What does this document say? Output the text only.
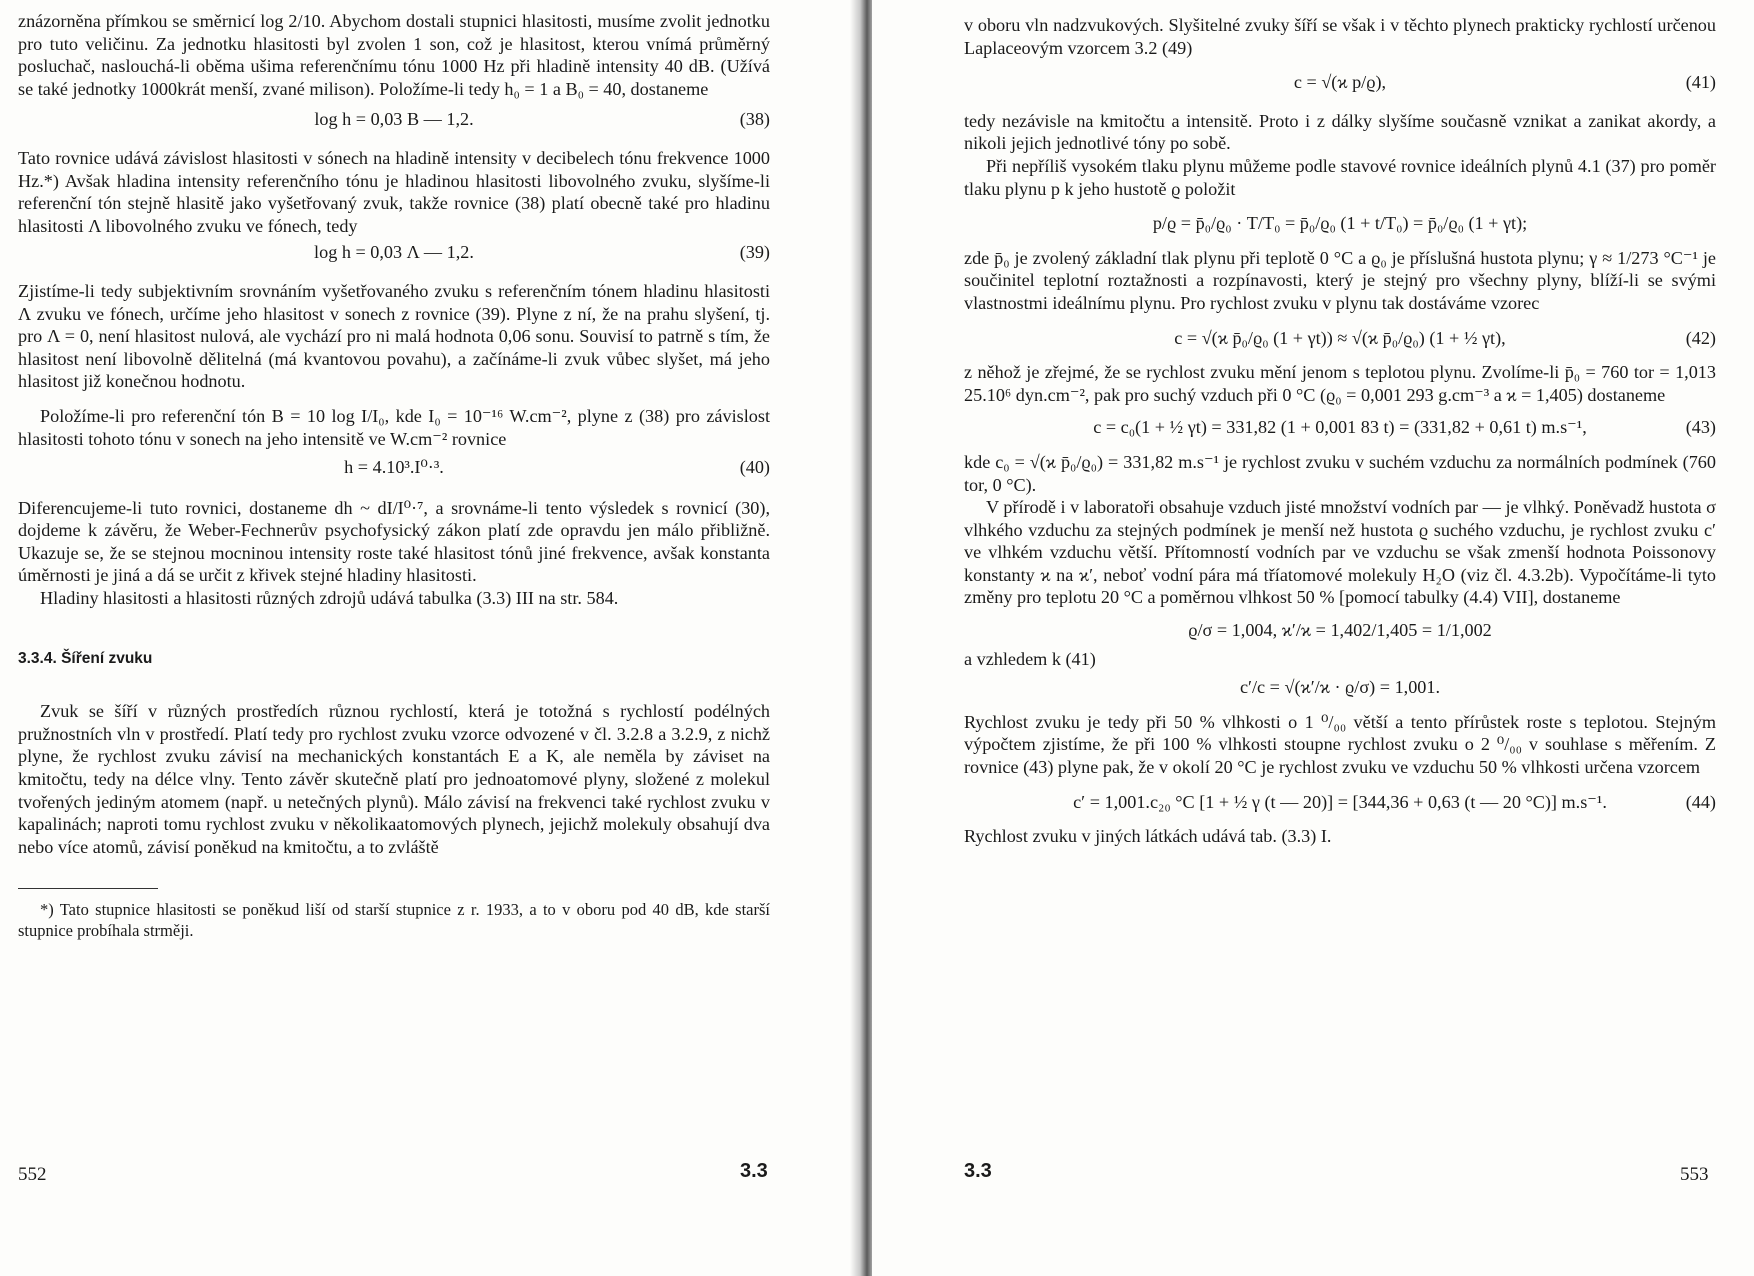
znázorněna přímkou se směrnicí log 2/10. Abychom dostali stupnici hlasitosti, musíme zvolit jednotku pro tuto veličinu. Za jednotku hlasitosti byl zvolen 1 son, což je hlasitost, kterou vnímá průměrný posluchač, naslouchá-li oběma ušima referenčnímu tónu 1000 Hz při hladině intensity 40 dB. (Užívá se také jednotky 1000krát menší, zvané milison). Položíme-li tedy h₀ = 1 a B₀ = 40, dostaneme

log h = 0,03 B — 1,2.	(38)

Tato rovnice udává závislost hlasitosti v sónech na hladině intensity v decibelech tónu frekvence 1000 Hz.*) Avšak hladina intensity referenčního tónu je hladinou hlasitosti libovolného zvuku, slyšíme-li referenční tón stejně hlasitě jako vyšetřovaný zvuk, takže rovnice (38) platí obecně také pro hladinu hlasitosti Λ libovolného zvuku ve fónech, tedy

log h = 0,03 Λ — 1,2.	(39)

Zjistíme-li tedy subjektivním srovnáním vyšetřovaného zvuku s referenčním tónem hladinu hlasitosti Λ zvuku ve fónech, určíme jeho hlasitost v sonech z rovnice (39). Plyne z ní, že na prahu slyšení, tj. pro Λ = 0, není hlasitost nulová, ale vychází pro ni malá hodnota 0,06 sonu. Souvisí to patrně s tím, že hlasitost není libovolně dělitelná (má kvantovou povahu), a začínáme-li zvuk vůbec slyšet, má jeho hlasitost již konečnou hodnotu.

Položíme-li pro referenční tón B = 10 log I/I₀, kde I₀ = 10⁻¹⁶ W.cm⁻², plyne z (38) pro závislost hlasitosti tohoto tónu v sonech na jeho intensitě ve W.cm⁻² rovnice

h = 4.10³.I⁰·³.	(40)

Diferencujeme-li tuto rovnici, dostaneme dh ~ dI/I⁰·⁷, a srovnáme-li tento výsledek s rovnicí (30), dojdeme k závěru, že Weber-Fechnerův psychofysický zákon platí zde opravdu jen málo přibližně. Ukazuje se, že se stejnou mocninou intensity roste také hlasitost tónů jiné frekvence, avšak konstanta úměrnosti je jiná a dá se určit z křivek stejné hladiny hlasitosti.

Hladiny hlasitosti a hlasitosti různých zdrojů udává tabulka (3.3) III na str. 584.

3.3.4. Šíření zvuku

Zvuk se šíří v různých prostředích různou rychlostí, která je totožná s rychlostí podélných pružnostních vln v prostředí. Platí tedy pro rychlost zvuku vzorce odvozené v čl. 3.2.8 a 3.2.9, z nichž plyne, že rychlost zvuku závisí na mechanických konstantách E a K, ale neměla by záviset na kmitočtu, tedy na délce vlny. Tento závěr skutečně platí pro jednoatomové plyny, složené z molekul tvořených jediným atomem (např. u netečných plynů). Málo závisí na frekvenci také rychlost zvuku v kapalinách; naproti tomu rychlost zvuku v několikaatomových plynech, jejichž molekuly obsahují dva nebo více atomů, závisí poněkud na kmitočtu, a to zvláště

*) Tato stupnice hlasitosti se poněkud liší od starší stupnice z r. 1933, a to v oboru pod 40 dB, kde starší stupnice probíhala strměji.

552	3.3

v oboru vln nadzvukových. Slyšitelné zvuky šíří se však i v těchto plynech prakticky rychlostí určenou Laplaceovým vzorcem 3.2 (49)

c = √(ϰ p/ϱ),	(41)

tedy nezávisle na kmitočtu a intensitě. Proto i z dálky slyšíme současně vznikat a zanikat akordy, a nikoli jejich jednotlivé tóny po sobě.

Při nepříliš vysokém tlaku plynu můžeme podle stavové rovnice ideálních plynů 4.1 (37) pro poměr tlaku plynu p k jeho hustotě ϱ položit

p/ϱ = p̄₀/ϱ₀ · T/T₀ = p̄₀/ϱ₀ (1 + t/T₀) = p̄₀/ϱ₀ (1 + γt);

zde p̄₀ je zvolený základní tlak plynu při teplotě 0 °C a ϱ₀ je příslušná hustota plynu; γ ≈ 1/273 °C⁻¹ je součinitel teplotní roztažnosti a rozpínavosti, který je stejný pro všechny plyny, blíží-li se svými vlastnostmi ideálnímu plynu. Pro rychlost zvuku v plynu tak dostáváme vzorec

c = √(ϰ p̄₀/ϱ₀ (1 + γt)) ≈ √(ϰ p̄₀/ϱ₀) (1 + ½ γt),	(42)

z něhož je zřejmé, že se rychlost zvuku mění jenom s teplotou plynu. Zvolíme-li p̄₀ = 760 tor = 1,013 25.10⁶ dyn.cm⁻², pak pro suchý vzduch při 0 °C (ϱ₀ = 0,001 293 g.cm⁻³ a ϰ = 1,405) dostaneme

c = c₀(1 + ½ γt) = 331,82 (1 + 0,001 83 t) = (331,82 + 0,61 t) m.s⁻¹,	(43)

kde c₀ = √(ϰ p̄₀/ϱ₀) = 331,82 m.s⁻¹ je rychlost zvuku v suchém vzduchu za normálních podmínek (760 tor, 0 °C).

V přírodě i v laboratoři obsahuje vzduch jisté množství vodních par — je vlhký. Poněvadž hustota σ vlhkého vzduchu za stejných podmínek je menší než hustota ϱ suchého vzduchu, je rychlost zvuku c′ ve vlhkém vzduchu větší. Přítomností vodních par ve vzduchu se však zmenší hodnota Poissonovy konstanty ϰ na ϰ′, neboť vodní pára má tříatomové molekuly H₂O (viz čl. 4.3.2b). Vypočítáme-li tyto změny pro teplotu 20 °C a poměrnou vlhkost 50 % [pomocí tabulky (4.4) VII], dostaneme

ϱ/σ = 1,004, ϰ′/ϰ = 1,402/1,405 = 1/1,002

a vzhledem k (41)

c′/c = √(ϰ′/ϰ · ϱ/σ) = 1,001.

Rychlost zvuku je tedy při 50 % vlhkosti o 1 ⁰/₀₀ větší a tento přírůstek roste s teplotou. Stejným výpočtem zjistíme, že při 100 % vlhkosti stoupne rychlost zvuku o 2 ⁰/₀₀ v souhlase s měřením. Z rovnice (43) plyne pak, že v okolí 20 °C je rychlost zvuku ve vzduchu 50 % vlhkosti určena vzorcem

c′ = 1,001.c₂₀ °C [1 + ½ γ (t — 20)] = [344,36 + 0,63 (t — 20 °C)] m.s⁻¹.	(44)

Rychlost zvuku v jiných látkách udává tab. (3.3) I.

3.3	553
